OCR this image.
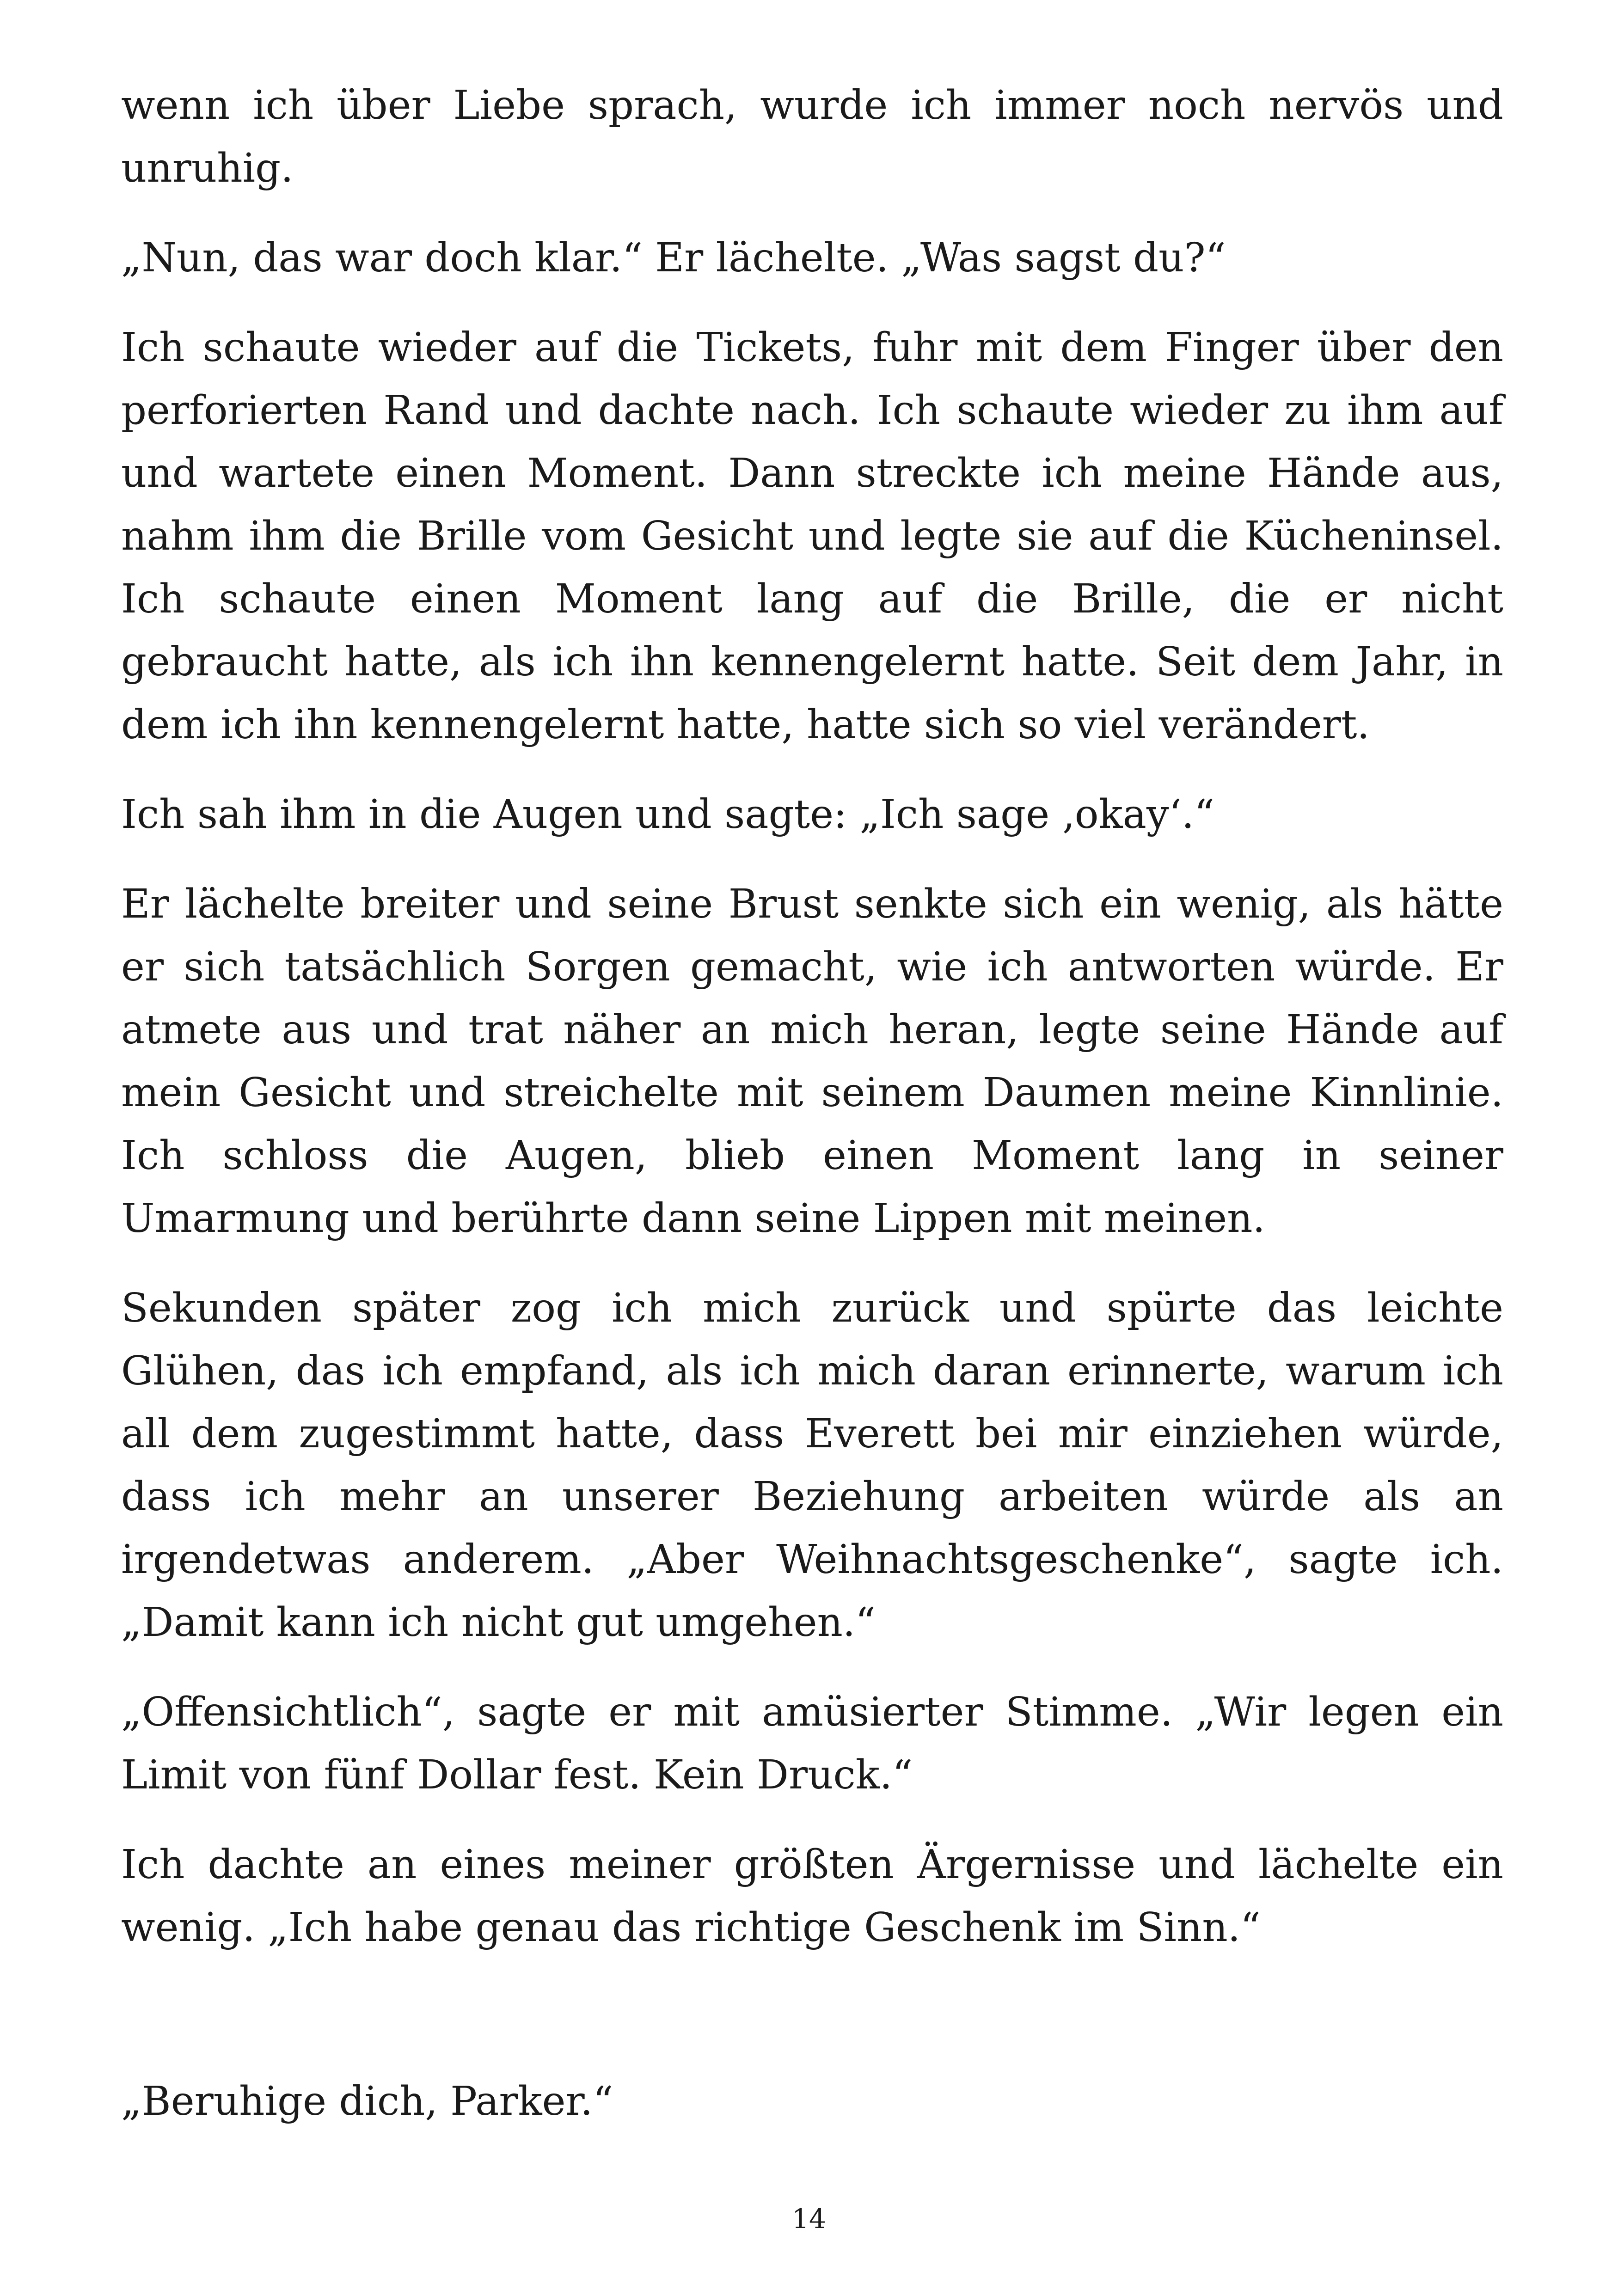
wenn ich über Liebe sprach, wurde ich immer noch nervös und unruhig.

„Nun, das war doch klar.“ Er lächelte. „Was sagst du?“

Ich schaute wieder auf die Tickets, fuhr mit dem Finger über den perforierten Rand und dachte nach. Ich schaute wieder zu ihm auf und wartete einen Moment. Dann streckte ich meine Hände aus, nahm ihm die Brille vom Gesicht und legte sie auf die Kücheninsel. Ich schaute einen Moment lang auf die Brille, die er nicht gebraucht hatte, als ich ihn kennengelernt hatte. Seit dem Jahr, in dem ich ihn kennengelernt hatte, hatte sich so viel verändert.

Ich sah ihm in die Augen und sagte: „Ich sage ‚okay‘.“

Er lächelte breiter und seine Brust senkte sich ein wenig, als hätte er sich tatsächlich Sorgen gemacht, wie ich antworten würde. Er atmete aus und trat näher an mich heran, legte seine Hände auf mein Gesicht und streichelte mit seinem Daumen meine Kinnlinie. Ich schloss die Augen, blieb einen Moment lang in seiner Umarmung und berührte dann seine Lippen mit meinen.

Sekunden später zog ich mich zurück und spürte das leichte Glühen, das ich empfand, als ich mich daran erinnerte, warum ich all dem zugestimmt hatte, dass Everett bei mir einziehen würde, dass ich mehr an unserer Beziehung arbeiten würde als an irgendetwas anderem. „Aber Weihnachtsgeschenke“, sagte ich. „Damit kann ich nicht gut umgehen.“

„Offensichtlich“, sagte er mit amüsierter Stimme. „Wir legen ein Limit von fünf Dollar fest. Kein Druck.“

Ich dachte an eines meiner größten Ärgernisse und lächelte ein wenig. „Ich habe genau das richtige Geschenk im Sinn.“

„Beruhige dich, Parker.“

14
